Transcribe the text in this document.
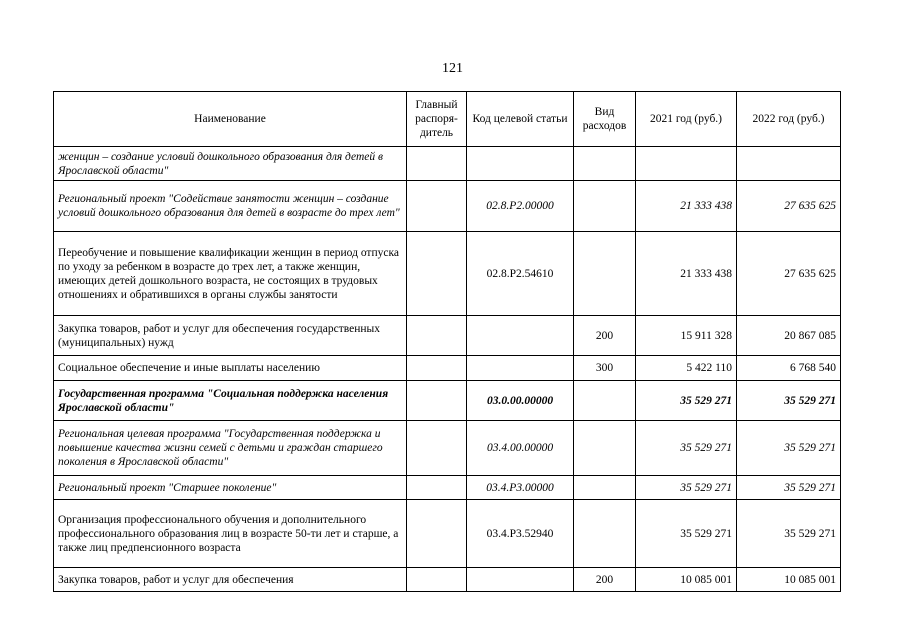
121
Наименование	Главный распоря-дитель	Код целевой статьи	Вид расходов	2021 год (руб.)	2022 год (руб.)
женщин – создание условий дошкольного образования для детей в Ярославской области"					
Региональный проект "Содействие занятости женщин – создание условий дошкольного образования для детей в возрасте до трех лет"		02.8.Р2.00000		21 333 438	27 635 625
Переобучение и повышение квалификации женщин в период отпуска по уходу за ребенком в возрасте до трех лет, а также женщин, имеющих детей дошкольного возраста, не состоящих в трудовых отношениях и обратившихся в органы службы занятости		02.8.Р2.54610		21 333 438	27 635 625
Закупка товаров, работ и услуг для обеспечения государственных (муниципальных) нужд			200	15 911 328	20 867 085
Социальное обеспечение и иные выплаты населению			300	5 422 110	6 768 540
Государственная программа "Социальная поддержка населения Ярославской области"		03.0.00.00000		35 529 271	35 529 271
Региональная целевая программа "Государственная поддержка и повышение качества жизни семей с детьми и граждан старшего поколения в Ярославской области"		03.4.00.00000		35 529 271	35 529 271
Региональный проект "Старшее поколение"		03.4.Р3.00000		35 529 271	35 529 271
Организация профессионального обучения и дополнительного профессионального образования лиц в возрасте 50-ти лет и старше, а также лиц предпенсионного возраста		03.4.Р3.52940		35 529 271	35 529 271
Закупка товаров, работ и услуг для обеспечения			200	10 085 001	10 085 001
